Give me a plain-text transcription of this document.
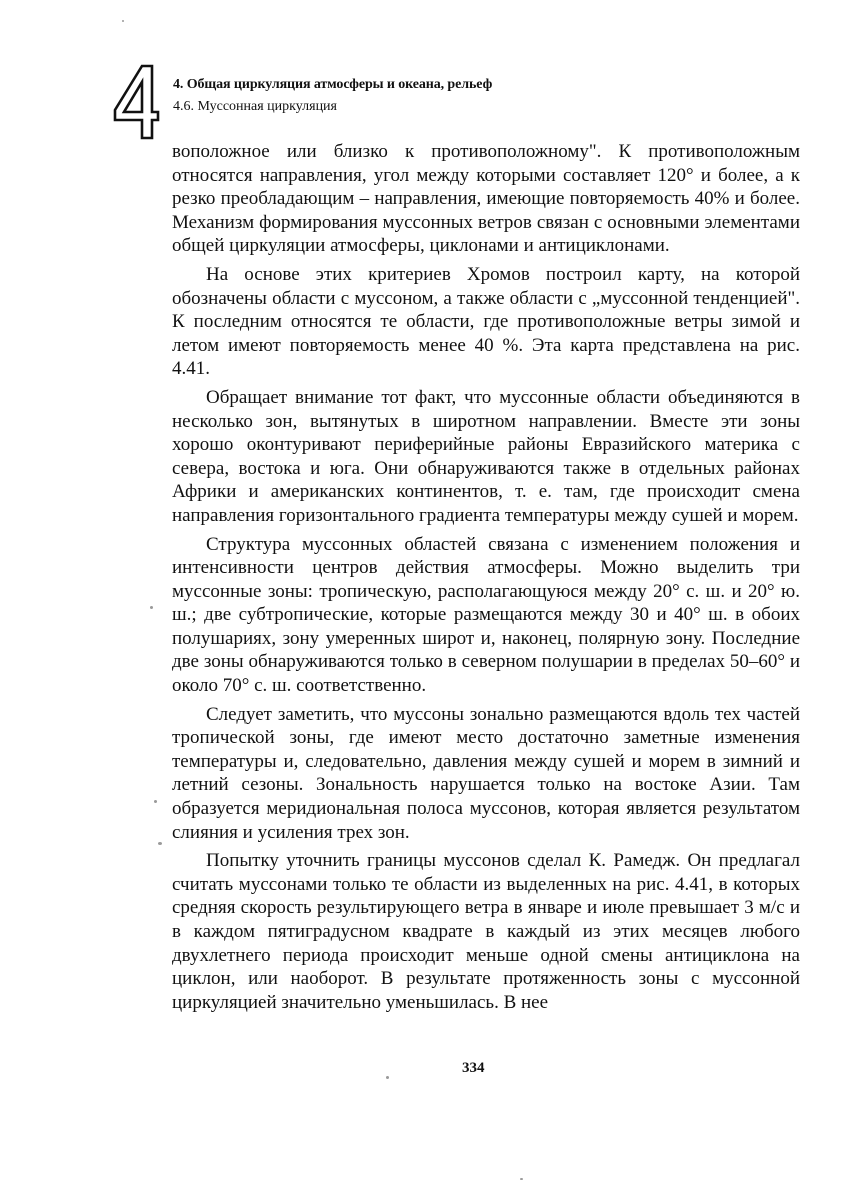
4. Общая циркуляция атмосферы и океана, рельеф
4.6. Муссонная циркуляция

воположное или близко к противоположному". К противоположным относятся направления, угол между которыми составляет 120° и более, а к резко преобладающим – направления, имеющие повторяемость 40% и более. Механизм формирования муссонных ветров связан с основными элементами общей циркуляции атмосферы, циклонами и антициклонами.

На основе этих критериев Хромов построил карту, на которой обозначены области с муссоном, а также области с „муссонной тенденцией". К последним относятся те области, где противоположные ветры зимой и летом имеют повторяемость менее 40 %. Эта карта представлена на рис. 4.41.

Обращает внимание тот факт, что муссонные области объединяются в несколько зон, вытянутых в широтном направлении. Вместе эти зоны хорошо оконтуривают периферийные районы Евразийского материка с севера, востока и юга. Они обнаруживаются также в отдельных районах Африки и американских континентов, т. е. там, где происходит смена направления горизонтального градиента температуры между сушей и морем.

Структура муссонных областей связана с изменением положения и интенсивности центров действия атмосферы. Можно выделить три муссонные зоны: тропическую, располагающуюся между 20° с. ш. и 20° ю. ш.; две субтропические, которые размещаются между 30 и 40° ш. в обоих полушариях, зону умеренных широт и, наконец, полярную зону. Последние две зоны обнаруживаются только в северном полушарии в пределах 50–60° и около 70° с. ш. соответственно.

Следует заметить, что муссоны зонально размещаются вдоль тех частей тропической зоны, где имеют место достаточно заметные изменения температуры и, следовательно, давления между сушей и морем в зимний и летний сезоны. Зональность нарушается только на востоке Азии. Там образуется меридиональная полоса муссонов, которая является результатом слияния и усиления трех зон.

Попытку уточнить границы муссонов сделал К. Рамедж. Он предлагал считать муссонами только те области из выделенных на рис. 4.41, в которых средняя скорость результирующего ветра в январе и июле превышает 3 м/с и в каждом пятиградусном квадрате в каждый из этих месяцев любого двухлетнего периода происходит меньше одной смены антициклона на циклон, или наоборот. В результате протяженность зоны с муссонной циркуляцией значительно уменьшилась. В нее

334
